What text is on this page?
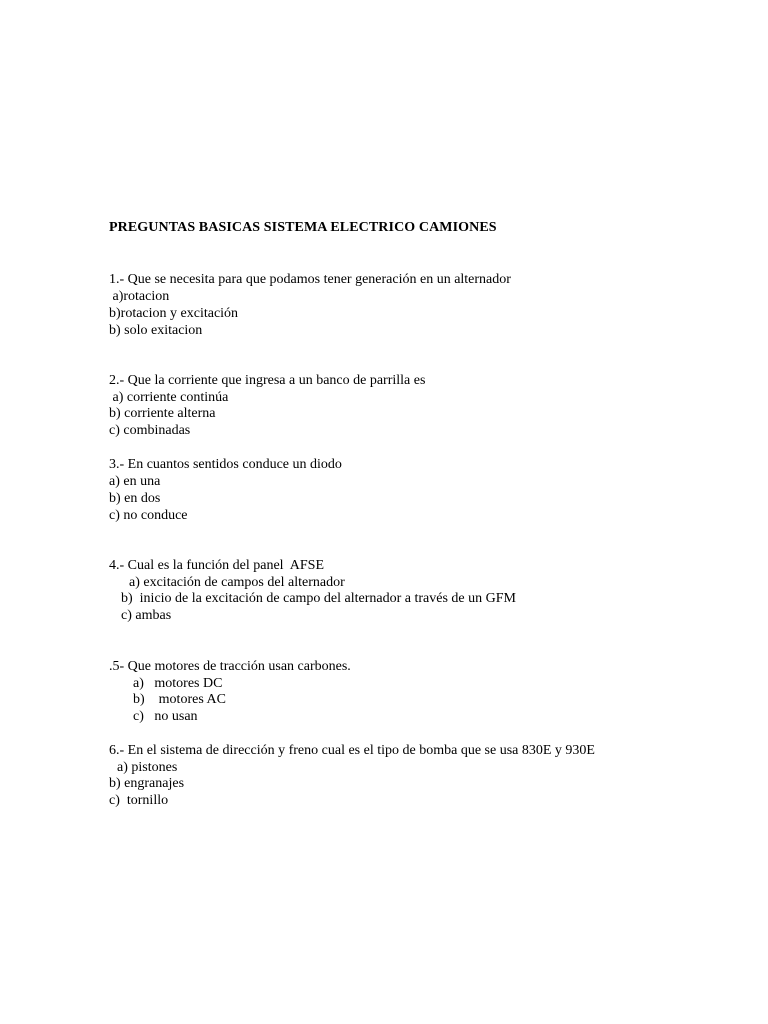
PREGUNTAS BASICAS SISTEMA ELECTRICO CAMIONES
1.- Que se necesita para que podamos tener generación en un alternador
a)rotacion
b)rotacion y excitación
b) solo exitacion
2.- Que la corriente que ingresa a un banco de parrilla es
a) corriente continúa
b) corriente alterna
c) combinadas
3.- En cuantos sentidos conduce un diodo
a) en una
b) en dos
c) no conduce
4.- Cual es la función del panel  AFSE
a) excitación de campos del alternador
b)  inicio de la excitación de campo del alternador a través de un GFM
c) ambas
.5- Que motores de tracción usan carbones.
a)   motores DC
b)    motores AC
c)   no usan
6.- En el sistema de dirección y freno cual es el tipo de bomba que se usa 830E y 930E
a) pistones
b) engranajes
c)  tornillo
